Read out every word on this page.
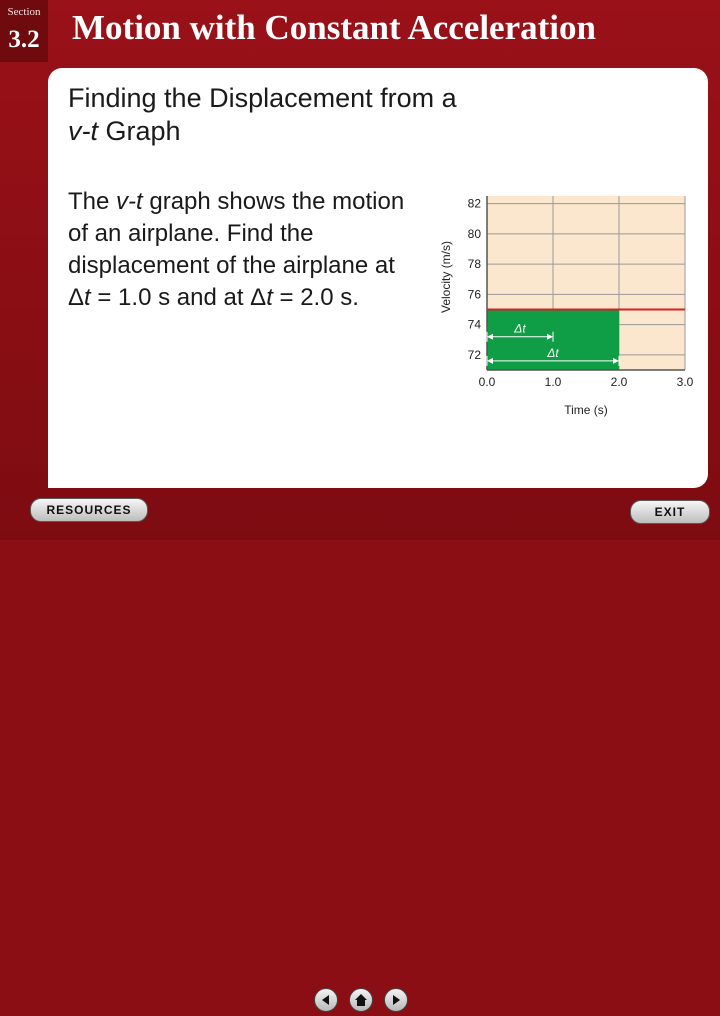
Section
3.2 Motion with Constant Acceleration
Finding the Displacement from a
v-t Graph
The v-t graph shows the motion of an airplane. Find the displacement of the airplane at Δt = 1.0 s and at Δt = 2.0 s.
Δt
Δt
0.0	1.0	2.0	3.0
72
74
76
78
80
82
Time (s)
Velocity (m/s)
RESOURCES	EXIT
